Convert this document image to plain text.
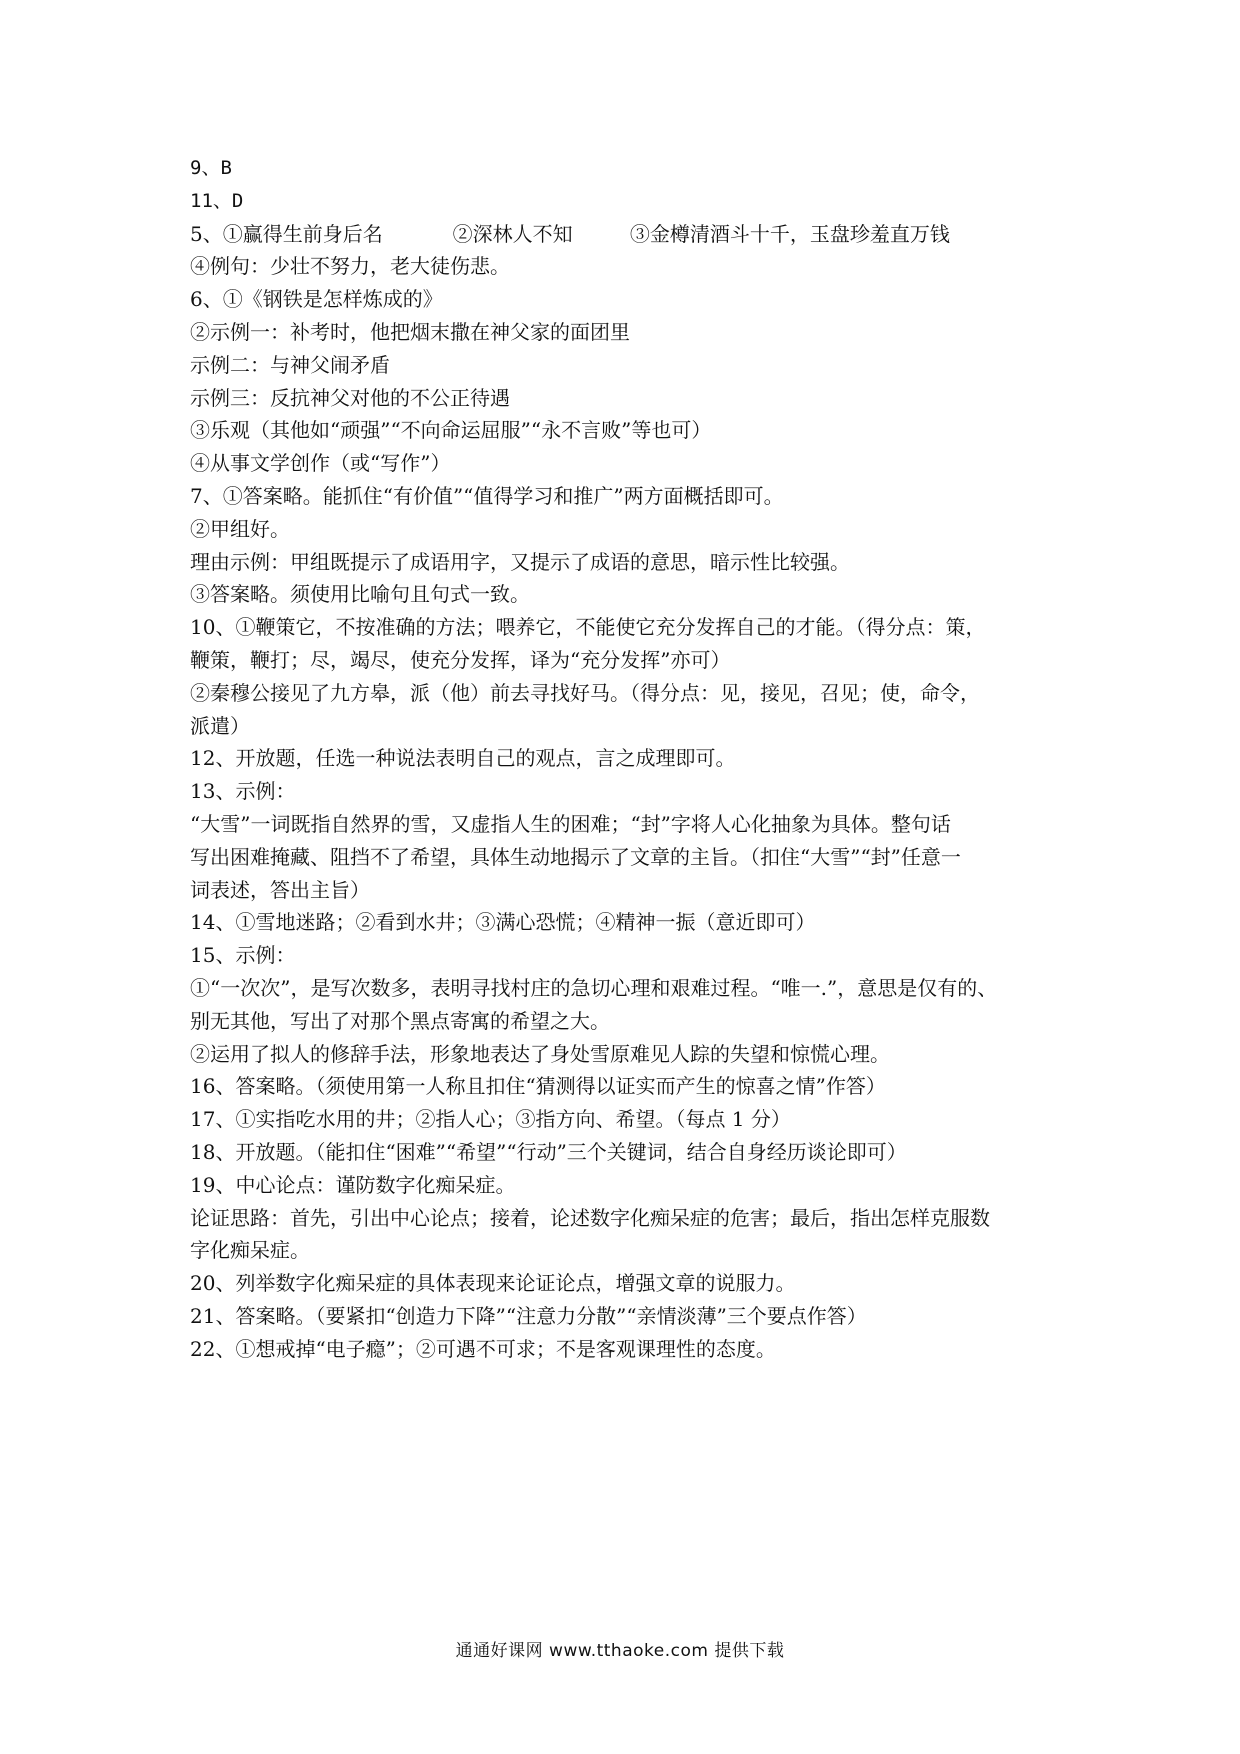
9、B
11、D
5、①赢得生前身后名           ②深林人不知         ③金樽清酒斗十千，玉盘珍羞直万钱
④例句：少壮不努力，老大徒伤悲。
6、①《钢铁是怎样炼成的》
②示例一：补考时，他把烟末撒在神父家的面团里
示例二：与神父闹矛盾
示例三：反抗神父对他的不公正待遇
③乐观（其他如“顽强”“不向命运屈服”“永不言败”等也可）
④从事文学创作（或“写作”）
7、①答案略。能抓住“有价值”“值得学习和推广”两方面概括即可。
②甲组好。
理由示例：甲组既提示了成语用字，又提示了成语的意思，暗示性比较强。
③答案略。须使用比喻句且句式一致。
10、①鞭策它，不按准确的方法；喂养它，不能使它充分发挥自己的才能。（得分点：策，
鞭策，鞭打；尽，竭尽，使充分发挥，译为“充分发挥”亦可）
②秦穆公接见了九方皋，派（他）前去寻找好马。（得分点：见，接见，召见；使，命令，
派遣）
12、开放题，任选一种说法表明自己的观点，言之成理即可。
13、示例：
“大雪”一词既指自然界的雪，又虚指人生的困难；“封”字将人心化抽象为具体。整句话
写出困难掩藏、阻挡不了希望，具体生动地揭示了文章的主旨。（扣住“大雪”“封”任意一
词表述，答出主旨）
14、①雪地迷路；②看到水井；③满心恐慌；④精神一振（意近即可）
15、示例：
①“一次次”，是写次数多，表明寻找村庄的急切心理和艰难过程。“唯一.”，意思是仅有的、
别无其他，写出了对那个黑点寄寓的希望之大。
②运用了拟人的修辞手法，形象地表达了身处雪原难见人踪的失望和惊慌心理。
16、答案略。（须使用第一人称且扣住“猜测得以证实而产生的惊喜之情”作答）
17、①实指吃水用的井；②指人心；③指方向、希望。（每点 1 分）
18、开放题。（能扣住“困难”“希望”“行动”三个关键词，结合自身经历谈论即可）
19、中心论点：谨防数字化痴呆症。
论证思路：首先，引出中心论点；接着，论述数字化痴呆症的危害；最后，指出怎样克服数
字化痴呆症。
20、列举数字化痴呆症的具体表现来论证论点，增强文章的说服力。
21、答案略。（要紧扣“创造力下降”“注意力分散”“亲情淡薄”三个要点作答）
22、①想戒掉“电子瘾”；②可遇不可求；不是客观课理性的态度。
通通好课网 www.tthaoke.com 提供下载
